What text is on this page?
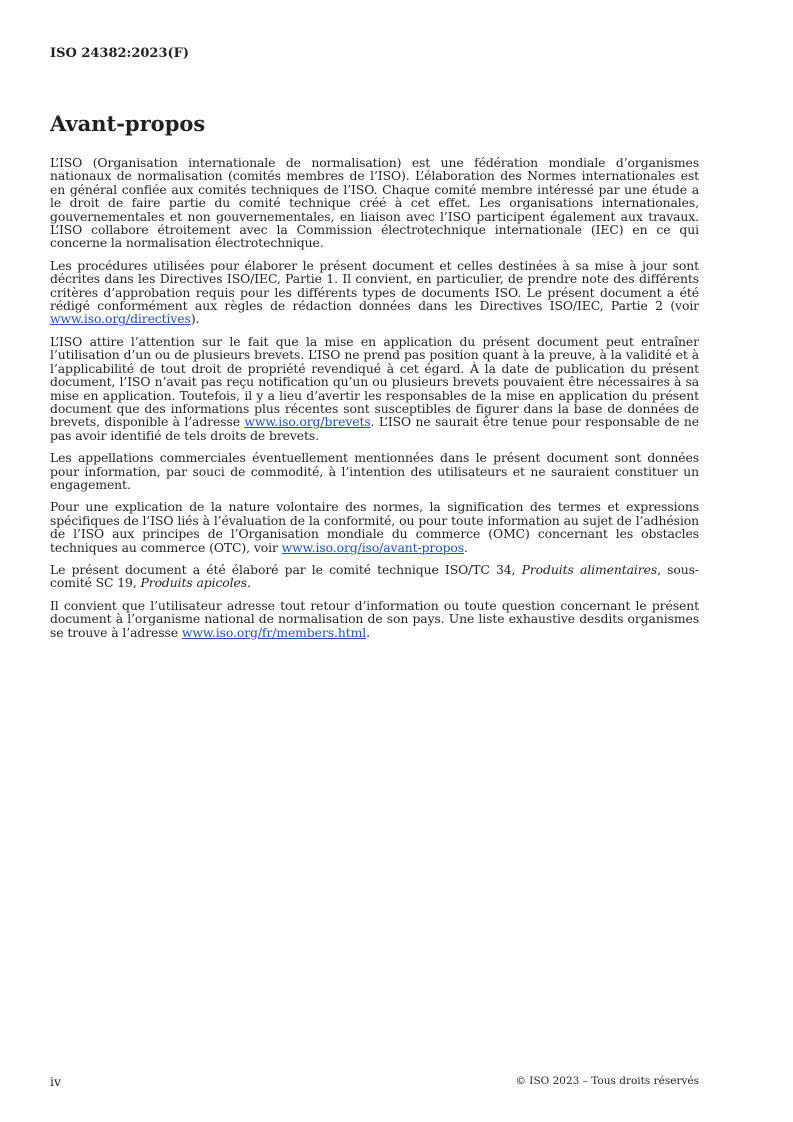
ISO 24382:2023(F)
Avant-propos

L’ISO (Organisation internationale de normalisation) est une fédération mondiale d’organismes nationaux de normalisation (comités membres de l’ISO). L’élaboration des Normes internationales est en général confiée aux comités techniques de l’ISO. Chaque comité membre intéressé par une étude a le droit de faire partie du comité technique créé à cet effet. Les organisations internationales, gouvernementales et non gouvernementales, en liaison avec l’ISO participent également aux travaux. L’ISO collabore étroitement avec la Commission électrotechnique internationale (IEC) en ce qui concerne la normalisation électrotechnique.

Les procédures utilisées pour élaborer le présent document et celles destinées à sa mise à jour sont décrites dans les Directives ISO/IEC, Partie 1. Il convient, en particulier, de prendre note des différents critères d’approbation requis pour les différents types de documents ISO. Le présent document a été rédigé conformément aux règles de rédaction données dans les Directives ISO/IEC, Partie 2 (voir www.iso.org/directives).

L’ISO attire l’attention sur le fait que la mise en application du présent document peut entraîner l’utilisation d’un ou de plusieurs brevets. L’ISO ne prend pas position quant à la preuve, à la validité et à l’applicabilité de tout droit de propriété revendiqué à cet égard. À la date de publication du présent document, l’ISO n’avait pas reçu notification qu’un ou plusieurs brevets pouvaient être nécessaires à sa mise en application. Toutefois, il y a lieu d’avertir les responsables de la mise en application du présent document que des informations plus récentes sont susceptibles de figurer dans la base de données de brevets, disponible à l’adresse www.iso.org/brevets. L’ISO ne saurait être tenue pour responsable de ne pas avoir identifié de tels droits de brevets.

Les appellations commerciales éventuellement mentionnées dans le présent document sont données pour information, par souci de commodité, à l’intention des utilisateurs et ne sauraient constituer un engagement.

Pour une explication de la nature volontaire des normes, la signification des termes et expressions spécifiques de l’ISO liés à l’évaluation de la conformité, ou pour toute information au sujet de l’adhésion de l’ISO aux principes de l’Organisation mondiale du commerce (OMC) concernant les obstacles techniques au commerce (OTC), voir www.iso.org/iso/avant-propos.

Le présent document a été élaboré par le comité technique ISO/TC 34, Produits alimentaires, sous-comité SC 19, Produits apicoles.

Il convient que l’utilisateur adresse tout retour d’information ou toute question concernant le présent document à l’organisme national de normalisation de son pays. Une liste exhaustive desdits organismes se trouve à l’adresse www.iso.org/fr/members.html.

iv	© ISO 2023 – Tous droits réservés
